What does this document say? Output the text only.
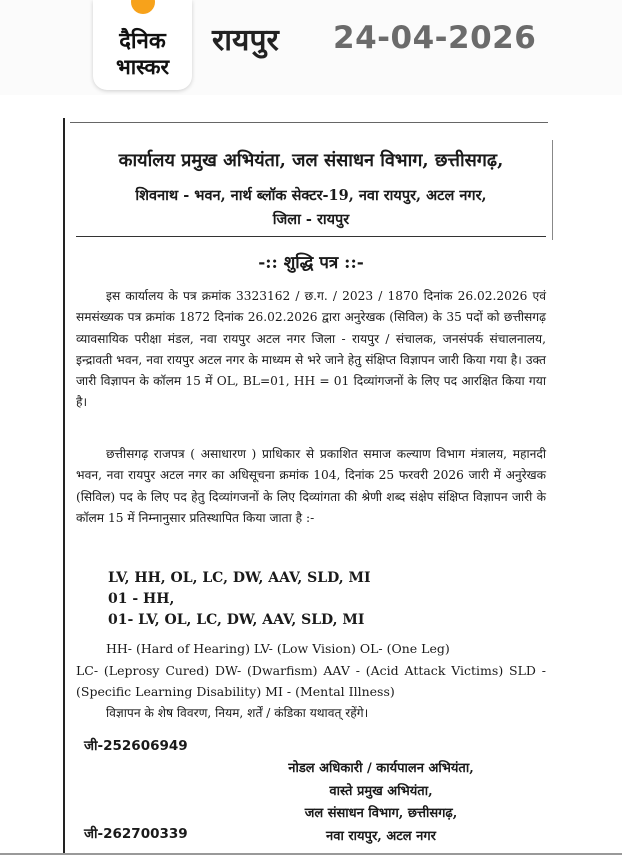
दैनिक
भास्कर
रायपुर 24-04-2026
कार्यालय प्रमुख अभियंता, जल संसाधन विभाग, छत्तीसगढ़,
शिवनाथ - भवन, नार्थ ब्लॉक सेक्टर-19, नवा रायपुर, अटल नगर,
जिला - रायपुर
-:: शुद्धि पत्र ::-
इस कार्यालय के पत्र क्रमांक 3323162 / छ.ग. / 2023 / 1870 दिनांक 26.02.2026 एवं समसंख्यक पत्र क्रमांक 1872 दिनांक 26.02.2026 द्वारा अनुरेखक (सिविल) के 35 पदों को छत्तीसगढ़ व्यावसायिक परीक्षा मंडल, नवा रायपुर अटल नगर जिला - रायपुर / संचालक, जनसंपर्क संचालनालय, इन्द्रावती भवन, नवा रायपुर अटल नगर के माध्यम से भरे जाने हेतु संक्षिप्त विज्ञापन जारी किया गया है। उक्त जारी विज्ञापन के कॉलम 15 में OL, BL=01, HH = 01 दिव्यांगजनों के लिए पद आरक्षित किया गया है।
छत्तीसगढ़ राजपत्र ( असाधारण ) प्राधिकार से प्रकाशित समाज कल्याण विभाग मंत्रालय, महानदी भवन, नवा रायपुर अटल नगर का अधिसूचना क्रमांक 104, दिनांक 25 फरवरी 2026 जारी में अनुरेखक (सिविल) पद के लिए पद हेतु दिव्यांगजनों के लिए दिव्यांगता की श्रेणी शब्द संक्षेप संक्षिप्त विज्ञापन जारी के कॉलम 15 में निम्नानुसार प्रतिस्थापित किया जाता है :-
LV, HH, OL, LC, DW, AAV, SLD, MI
01 - HH,
01- LV, OL, LC, DW, AAV, SLD, MI
HH- (Hard of Hearing) LV- (Low Vision) OL- (One Leg)
LC- (Leprosy Cured) DW- (Dwarfism) AAV - (Acid Attack Victims) SLD - (Specific Learning Disability) MI - (Mental Illness)
विज्ञापन के शेष विवरण, नियम, शर्तें / कंडिका यथावत् रहेंगे।
जी-252606949
नोडल अधिकारी / कार्यपालन अभियंता,
वास्ते प्रमुख अभियंता,
जल संसाधन विभाग, छत्तीसगढ़,
नवा रायपुर, अटल नगर
जी-262700339
